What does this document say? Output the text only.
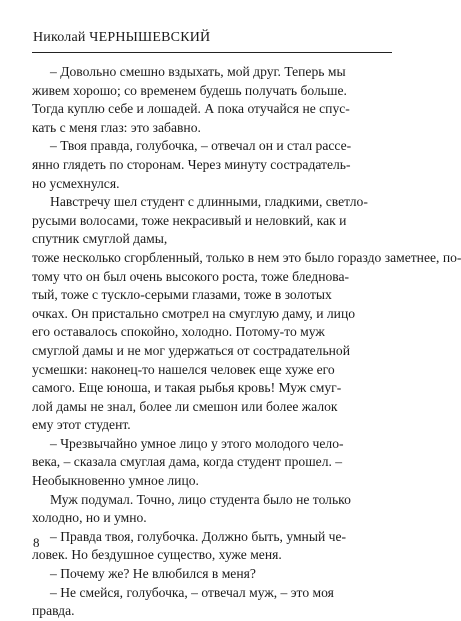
Николай ЧЕРНЫШЕВСКИЙ

– Довольно смешно вздыхать, мой друг. Теперь мы
живем хорошо; со временем будешь получать больше.
Тогда куплю себе и лошадей. А пока отучайся не спус-
кать с меня глаз: это забавно.

– Твоя правда, голубочка, – отвечал он и стал рассе-
янно глядеть по сторонам. Через минуту сострадатель-
но усмехнулся.

Навстречу шел студент с длинными, гладкими, светло-
русыми волосами, тоже некрасивый и неловкий, как и спутник смуглой дамы,
тоже несколько сгорбленный, только в нем это было гораздо заметнее, по-
тому что он был очень высокого роста, тоже бледнова-
тый, тоже с тускло-серыми глазами, тоже в золотых
очках. Он пристально смотрел на смуглую даму, и лицо
его оставалось спокойно, холодно. Потому-то муж
смуглой дамы и не мог удержаться от сострадательной
усмешки: наконец-то нашелся человек еще хуже его
самого. Еще юноша, и такая рыбья кровь! Муж смуг-
лой дамы не знал, более ли смешон или более жалок
ему этот студент.

– Чрезвычайно умное лицо у этого молодого чело-
века, – сказала смуглая дама, когда студент прошел. –
Необыкновенно умное лицо.

Муж подумал. Точно, лицо студента было не только
холодно, но и умно.

– Правда твоя, голубочка. Должно быть, умный че-
ловек. Но бездушное существо, хуже меня.

– Почему же? Не влюбился в меня?

– Не смейся, голубочка, – отвечал муж, – это моя
правда.

8
